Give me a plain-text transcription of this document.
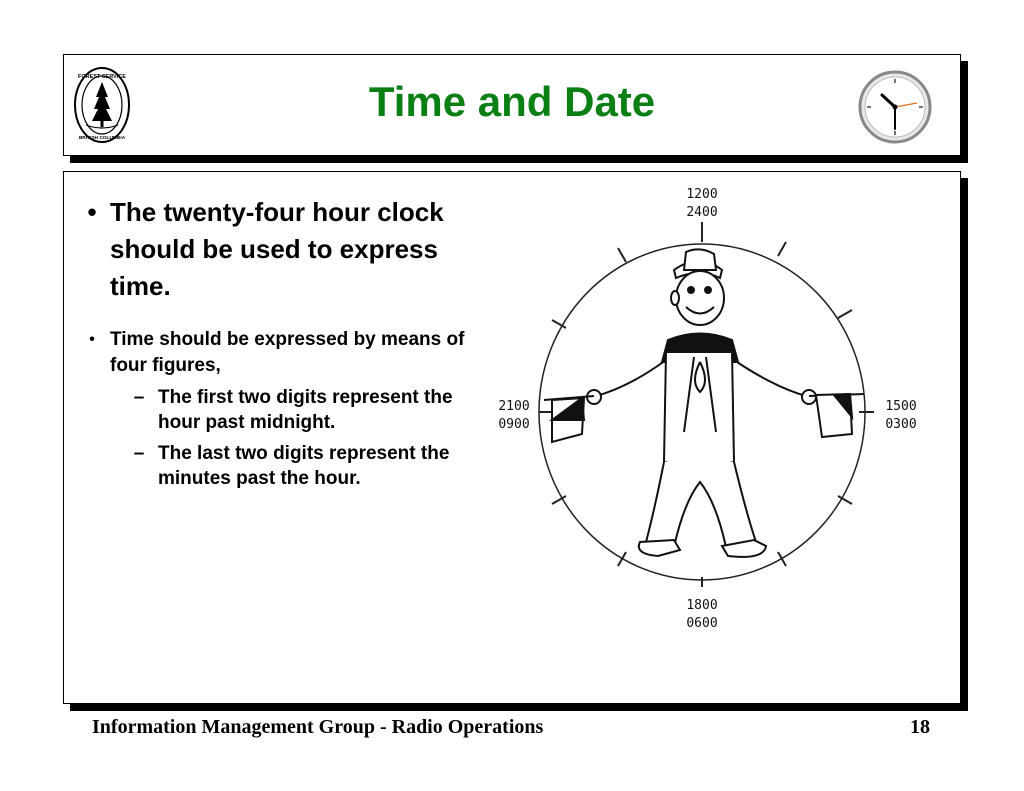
FOREST SERVICE
BRITISH COLUMBIA
Time and Date
• The twenty-four hour clock should be used to express time.
• Time should be expressed by means of four figures,
– The first two digits represent the hour past midnight.
– The last two digits represent the minutes past the hour.
1200
2400
1500
0300
1800
0600
2100
0900
Information Management Group - Radio Operations	18
